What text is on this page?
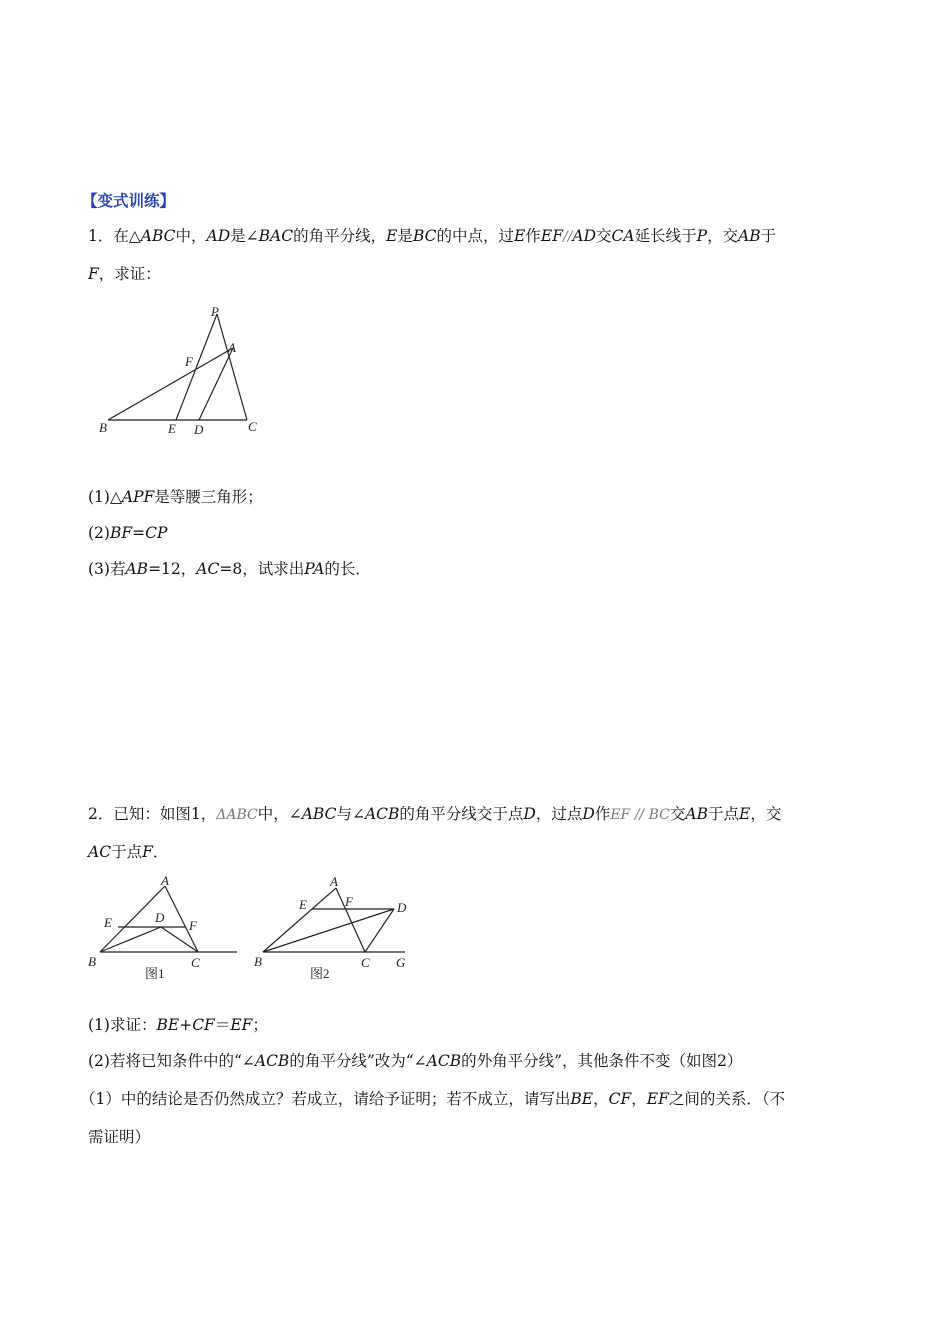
【变式训练】
1．在△ABC中，AD是∠BAC的角平分线，E是BC的中点，过E作EF//AD交CA延长线于P，交AB于
F，求证：
P
A
F
B	E D	C
(1)△APF是等腰三角形；
(2)BF=CP
(3)若AB=12，AC=8，试求出PA的长．
2．已知：如图1，ΔABC中，∠ABC与∠ACB的角平分线交于点D，过点D作EF // BC交AB于点E，交
AC于点F．
A
E	D
F
B	C
图1
A
E	F	D
B	C G
图2
(1)求证：BE+CF＝EF；
(2)若将已知条件中的“∠ACB的角平分线”改为“∠ACB的外角平分线”，其他条件不变（如图2）
（1）中的结论是否仍然成立？若成立，请给予证明；若不成立，请写出BE，CF，EF之间的关系．（不
需证明）
